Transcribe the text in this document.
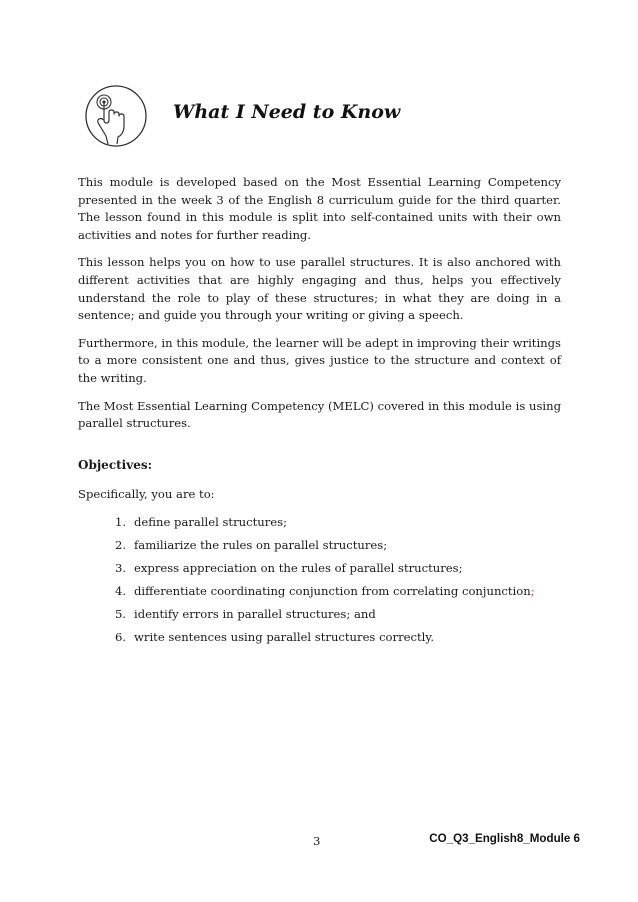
What I Need to Know

This module is developed based on the Most Essential Learning Competency presented in the week 3 of the English 8 curriculum guide for the third quarter. The lesson found in this module is split into self-contained units with their own activities and notes for further reading.

This lesson helps you on how to use parallel structures. It is also anchored with different activities that are highly engaging and thus, helps you effectively understand the role to play of these structures; in what they are doing in a sentence; and guide you through your writing or giving a speech.

Furthermore, in this module, the learner will be adept in improving their writings to a more consistent one and thus, gives justice to the structure and context of the writing.

The Most Essential Learning Competency (MELC) covered in this module is using parallel structures.

Objectives:

Specifically, you are to:

1. define parallel structures;
2. familiarize the rules on parallel structures;
3. express appreciation on the rules of parallel structures;
4. differentiate coordinating conjunction from correlating conjunction;
5. identify errors in parallel structures; and
6. write sentences using parallel structures correctly.
3	CO_Q3_English8_Module 6
